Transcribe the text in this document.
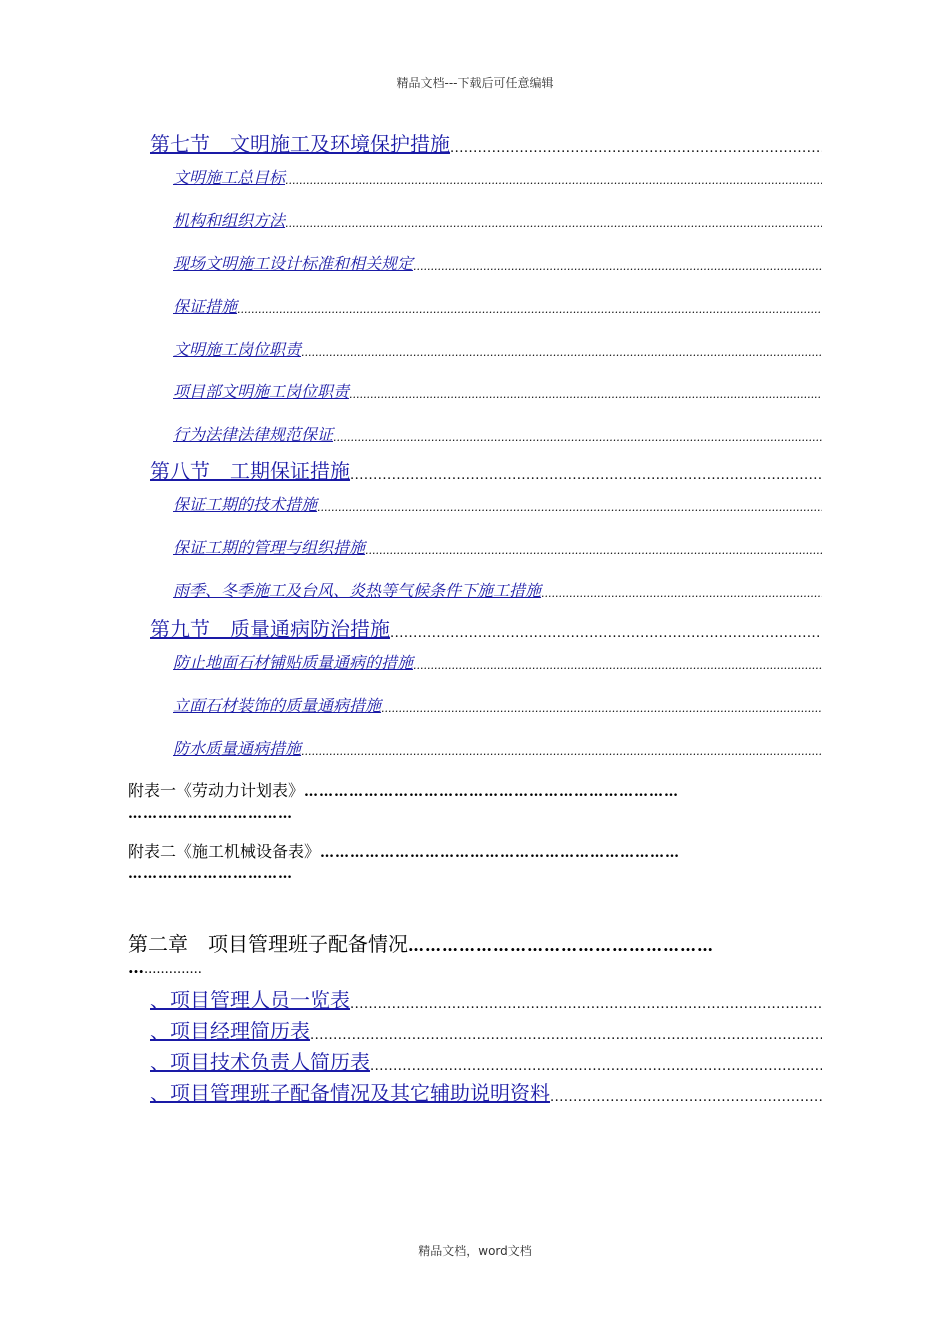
精品文档---下载后可任意编辑
第七节　文明施工及环境保护措施
.....
文明施工总目标
.....
机构和组织方法
.....
现场文明施工设计标准和相关规定
.....
保证措施
.....
文明施工岗位职责
.....
项目部文明施工岗位职责
.....
行为法律法律规范保证
.....
第八节　工期保证措施
.....
保证工期的技术措施
.....
保证工期的管理与组织措施
.....
雨季、冬季施工及台风、炎热等气候条件下施工措施
.....
第九节　质量通病防治措施
.....
防止地面石材铺贴质量通病的措施
.....
立面石材装饰的质量通病措施
.....
防水质量通病措施
.....
附表一《劳动力计划表》…………………………………………………………………
……………………………
附表二《施工机械设备表》………………………………………………………………
……………………………
第二章　项目管理班子配备情况………………………………………………
…..............
、项目管理人员一览表
.....
、项目经理简历表
.....
、项目技术负责人简历表
.....
、项目管理班子配备情况及其它辅助说明资料
.....
精品文档，word文档
